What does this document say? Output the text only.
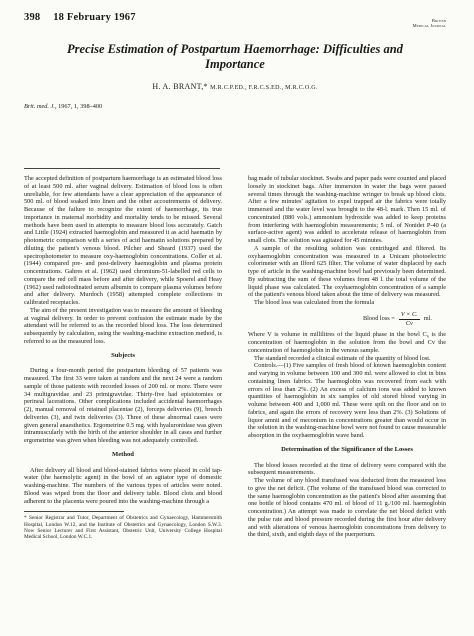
398 18 February 1967	British
Medical Journal
Precise Estimation of Postpartum Haemorrhage: Difficulties and
Importance
H. A. BRANT,* M.R.C.P.ED., F.R.C.S.ED., M.R.C.O.G.
Brit. med. J., 1967, 1, 398–400

The accepted definition of postpartum haemorrhage is an estimated blood loss of at least 500 ml. after vaginal delivery. Estimation of blood loss is often unreliable, for few attendants have a clear appreciation of the appearance of 500 ml. of blood soaked into linen and the other accoutrements of delivery. Because of the failure to recognize the extent of haemorrhage, its true importance in maternal morbidity and mortality tends to be missed. Several methods have been used in attempts to measure blood loss accurately. Gatch and Little (1924) extracted haemoglobin and measured it as acid haematin by photometric comparison with a series of acid haematin solutions prepared by diluting the patient's venous blood. Pilcher and Sheard (1937) used the spectrophotometer to measure oxy-haemoglobin concentrations. Coller et al. (1944) compared pre- and post-delivery haemoglobin and plasma protein concentrations. Gahres et al. (1962) used chromium-51-labelled red cells to compare the red cell mass before and after delivery, while Spoerel and Heay (1962) used radioiodinated serum albumin to compare plasma volumes before and after delivery. Murdoch (1958) attempted complete collections in calibrated receptacles.

The aim of the present investigation was to measure the amount of bleeding at vaginal delivery. In order to prevent confusion the estimate made by the attendant will be referred to as the recorded blood loss. The loss determined subsequently by calculation, using the washing-machine extraction method, is referred to as the measured loss.

Subjects

During a four-month period the postpartum bleeding of 57 patients was measured. The first 33 were taken at random and the next 24 were a random sample of those patients with recorded losses of 200 ml. or more. There were 34 multigravidae and 23 primigravidae. Thirty-five had episiotomies or perineal lacerations. Other complications included accidental haemorrhages (2), manual removal of retained placentae (2), forceps deliveries (9), breech deliveries (3), and twin deliveries (3). Three of these abnormal cases were given general anaesthetics. Ergometrine 0.5 mg. with hyaluronidase was given intramuscularly with the birth of the anterior shoulder in all cases and further ergometrine was given when bleeding was not adequately controlled.

Method

After delivery all blood and blood-stained fabrics were placed in cold tap-water (the haemolytic agent) in the bowl of an agitator type of domestic washing-machine. The numbers of the various types of articles were noted. Blood was wiped from the floor and delivery table. Blood clots and blood adherent to the placenta were poured into the washing-machine through a

* Senior Registrar and Tutor, Department of Obstetrics and Gynaecology, Hammersmith Hospital, London W.12, and the Institute of Obstetrics and Gynaecology, London S.W.3. Now Senior Lecturer and First Assistant, Obstetric Unit, University College Hospital Medical School, London W.C.1.

bag made of tubular stockinet. Swabs and paper pads were counted and placed loosely in stockinet bags. After immersion in water the bags were passed several times through the washing-machine wringer to break up blood clots. After a few minutes' agitation to expel trapped air the fabrics were totally immersed and the water level was brought to the 48-l. mark. Then 15 ml. of concentrated (880 vols.) ammonium hydroxide was added to keep proteins from interfering with haemoglobin measurements; 5 ml. of Nonidet P-40 (a surface-active agent) was added to accelerate release of haemoglobin from small clots. The solution was agitated for 45 minutes.

A sample of the resulting solution was centrifuged and filtered. Its oxyhaemoglobin concentration was measured in a Unicam photoelectric colorimeter with an Ilford 625 filter. The volume of water displaced by each type of article in the washing-machine bowl had previously been determined. By subtracting the sum of these volumes from 48 l. the total volume of the liquid phase was calculated. The oxyhaemoglobin concentration of a sample of the patient's venous blood taken about the time of delivery was measured.

The blood loss was calculated from the formula

Blood loss = $\frac{V \times C.}{Cv}$ ml.

Where V is volume in millilitres of the liquid phase in the bowl C₆ is the concentration of haemoglobin in the solution from the bowl and Cv the concentration of haemoglobin in the venous sample.

The standard recorded a clinical estimate of the quantity of blood lost.

Controls.—(1) Five samples of fresh blood of known haemoglobin content and varying in volume between 100 and 300 ml. were allowed to clot in bins containing linen fabrics. The haemoglobin was recovered from each with errors of less than 2%. (2) An excess of calcium ions was added to known quantities of haemoglobin in six samples of old stored blood varying in volume between 400 and 1,000 ml. These were spilt on the floor and on to fabrics, and again the errors of recovery were less than 2%. (3) Solutions of liquor amnii and of meconium in concentrations greater than would occur in the solution in the washing-machine bowl were not found to cause measurable absorption in the oxyhaemoglobin wave band.

Determination of the Significance of the Losses

The blood losses recorded at the time of delivery were compared with the subsequent measurements.

The volume of any blood transfused was deducted from the measured loss to give the net deficit. (The volume of the transfused blood was corrected to the same haemoglobin concentration as the patient's blood after assuming that one bottle of blood contains 470 ml. of blood of 11 g./100 ml. haemoglobin concentration.) An attempt was made to correlate the net blood deficit with the pulse rate and blood pressure recorded during the first hour after delivery and with alterations of venous haemoglobin concentrations from delivery to the third, sixth, and eighth days of the puerperium.
